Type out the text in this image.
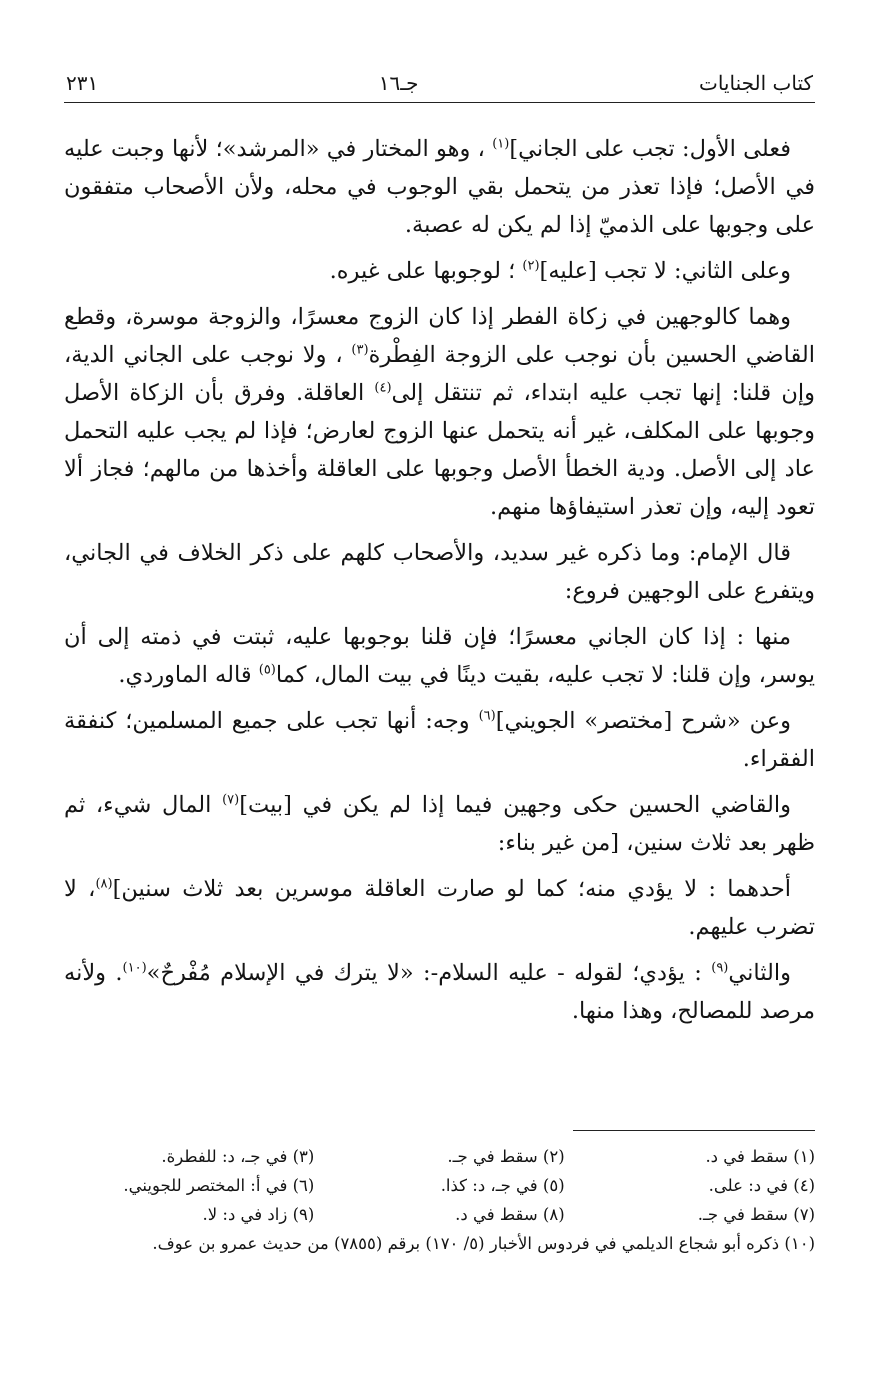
٢٣١	جـ١٦	كتاب الجنايات

فعلى الأول: تجب على الجاني]$^{(١)}$ ، وهو المختار في «المرشد»؛ لأنها وجبت عليه في الأصل؛ فإذا تعذر من يتحمل بقي الوجوب في محله، ولأن الأصحاب متفقون على وجوبها على الذميّ إذا لم يكن له عصبة.

وعلى الثاني: لا تجب [عليه]$^{(٢)}$ ؛ لوجوبها على غيره.

وهما كالوجهين في زكاة الفطر إذا كان الزوج معسرًا، والزوجة موسرة، وقطع القاضي الحسين بأن نوجب على الزوجة الفِطْرة$^{(٣)}$ ، ولا نوجب على الجاني الدية، وإن قلنا: إنها تجب عليه ابتداء، ثم تنتقل إلى$^{(٤)}$ العاقلة. وفرق بأن الزكاة الأصل وجوبها على المكلف، غير أنه يتحمل عنها الزوج لعارض؛ فإذا لم يجب عليه التحمل عاد إلى الأصل. ودية الخطأ الأصل وجوبها على العاقلة وأخذها من مالهم؛ فجاز ألا تعود إليه، وإن تعذر استيفاؤها منهم.

قال الإمام: وما ذكره غير سديد، والأصحاب كلهم على ذكر الخلاف في الجاني، ويتفرع على الوجهين فروع:

منها : إذا كان الجاني معسرًا؛ فإن قلنا بوجوبها عليه، ثبتت في ذمته إلى أن يوسر، وإن قلنا: لا تجب عليه، بقيت دينًا في بيت المال، كما$^{(٥)}$ قاله الماوردي.

وعن «شرح [مختصر» الجويني]$^{(٦)}$ وجه: أنها تجب على جميع المسلمين؛ كنفقة الفقراء.

والقاضي الحسين حكى وجهين فيما إذا لم يكن في [بيت]$^{(٧)}$ المال شيء، ثم ظهر بعد ثلاث سنين، [من غير بناء:

أحدهما : لا يؤدي منه؛ كما لو صارت العاقلة موسرين بعد ثلاث سنين]$^{(٨)}$، لا تضرب عليهم.

والثاني$^{(٩)}$ : يؤدي؛ لقوله - عليه السلام-: «لا يترك في الإسلام مُفْرحٌ»$^{(١٠)}$. ولأنه مرصد للمصالح، وهذا منها.

(١) سقط في د.
(٢) سقط في جـ.
(٣) في جـ، د: للفطرة.
(٤) في د: على.
(٥) في جـ، د: كذا.
(٦) في أ: المختصر للجويني.
(٧) سقط في جـ.
(٨) سقط في د.
(٩) زاد في د: لا.
(١٠) ذكره أبو شجاع الديلمي في فردوس الأخبار (٥/ ١٧٠) برقم (٧٨٥٥) من حديث عمرو بن عوف.
